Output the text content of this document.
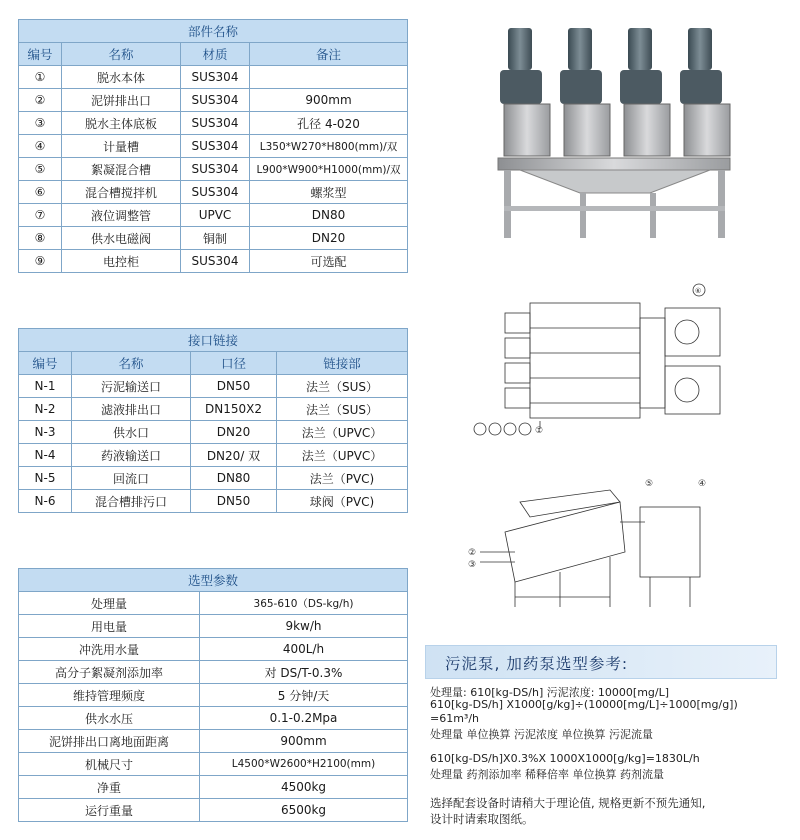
部件名称			
编号	名称	材质	备注
①	脱水本体	SUS304	
②	泥饼排出口	SUS304	900mm
③	脱水主体底板	SUS304	孔径 4-020
④	计量槽	SUS304	L350*W270*H800(mm)/双
⑤	絮凝混合槽	SUS304	L900*W900*H1000(mm)/双
⑥	混合槽搅拌机	SUS304	螺浆型
⑦	液位调整管	UPVC	DN80
⑧	供水电磁阀	铜制	DN20
⑨	电控柜	SUS304	可选配
接口链接			
编号	名称	口径	链接部
N-1	污泥输送口	DN50	法兰（SUS）
N-2	滤液排出口	DN150X2	法兰（SUS）
N-3	供水口	DN20	法兰（UPVC）
N-4	药液输送口	DN20/ 双	法兰（UPVC）
N-5	回流口	DN80	法兰（PVC)
N-6	混合槽排污口	DN50	球阀（PVC)
选型参数	
处理量	365-610（DS-kg/h)
用电量	9kw/h
冲洗用水量	400L/h
高分子絮凝剂添加率	对 DS/T-0.3%
维持管理频度	5 分钟/天
供水水压	0.1-0.2Mpa
泥饼排出口离地面距离	900mm
机械尺寸	L4500*W2600*H2100(mm)
净重	4500kg
运行重量	6500kg
⑥
①
②
③
⑤	④
污泥泵, 加药泵选型参考:
处理量: 610[kg-DS/h] 污泥浓度: 10000[mg/L]
610[kg-DS/h] X1000[g/kg]÷(10000[mg/L]÷1000[mg/g])
=61m³/h
处理量 单位换算 污泥浓度 单位换算 污泥流量
610[kg-DS/h]X0.3%X 1000X1000[g/kg]=1830L/h
处理量 药剂添加率 稀释倍率 单位换算 药剂流量
选择配套设备时请稍大于理论值, 规格更新不预先通知,
设计时请索取图纸。
